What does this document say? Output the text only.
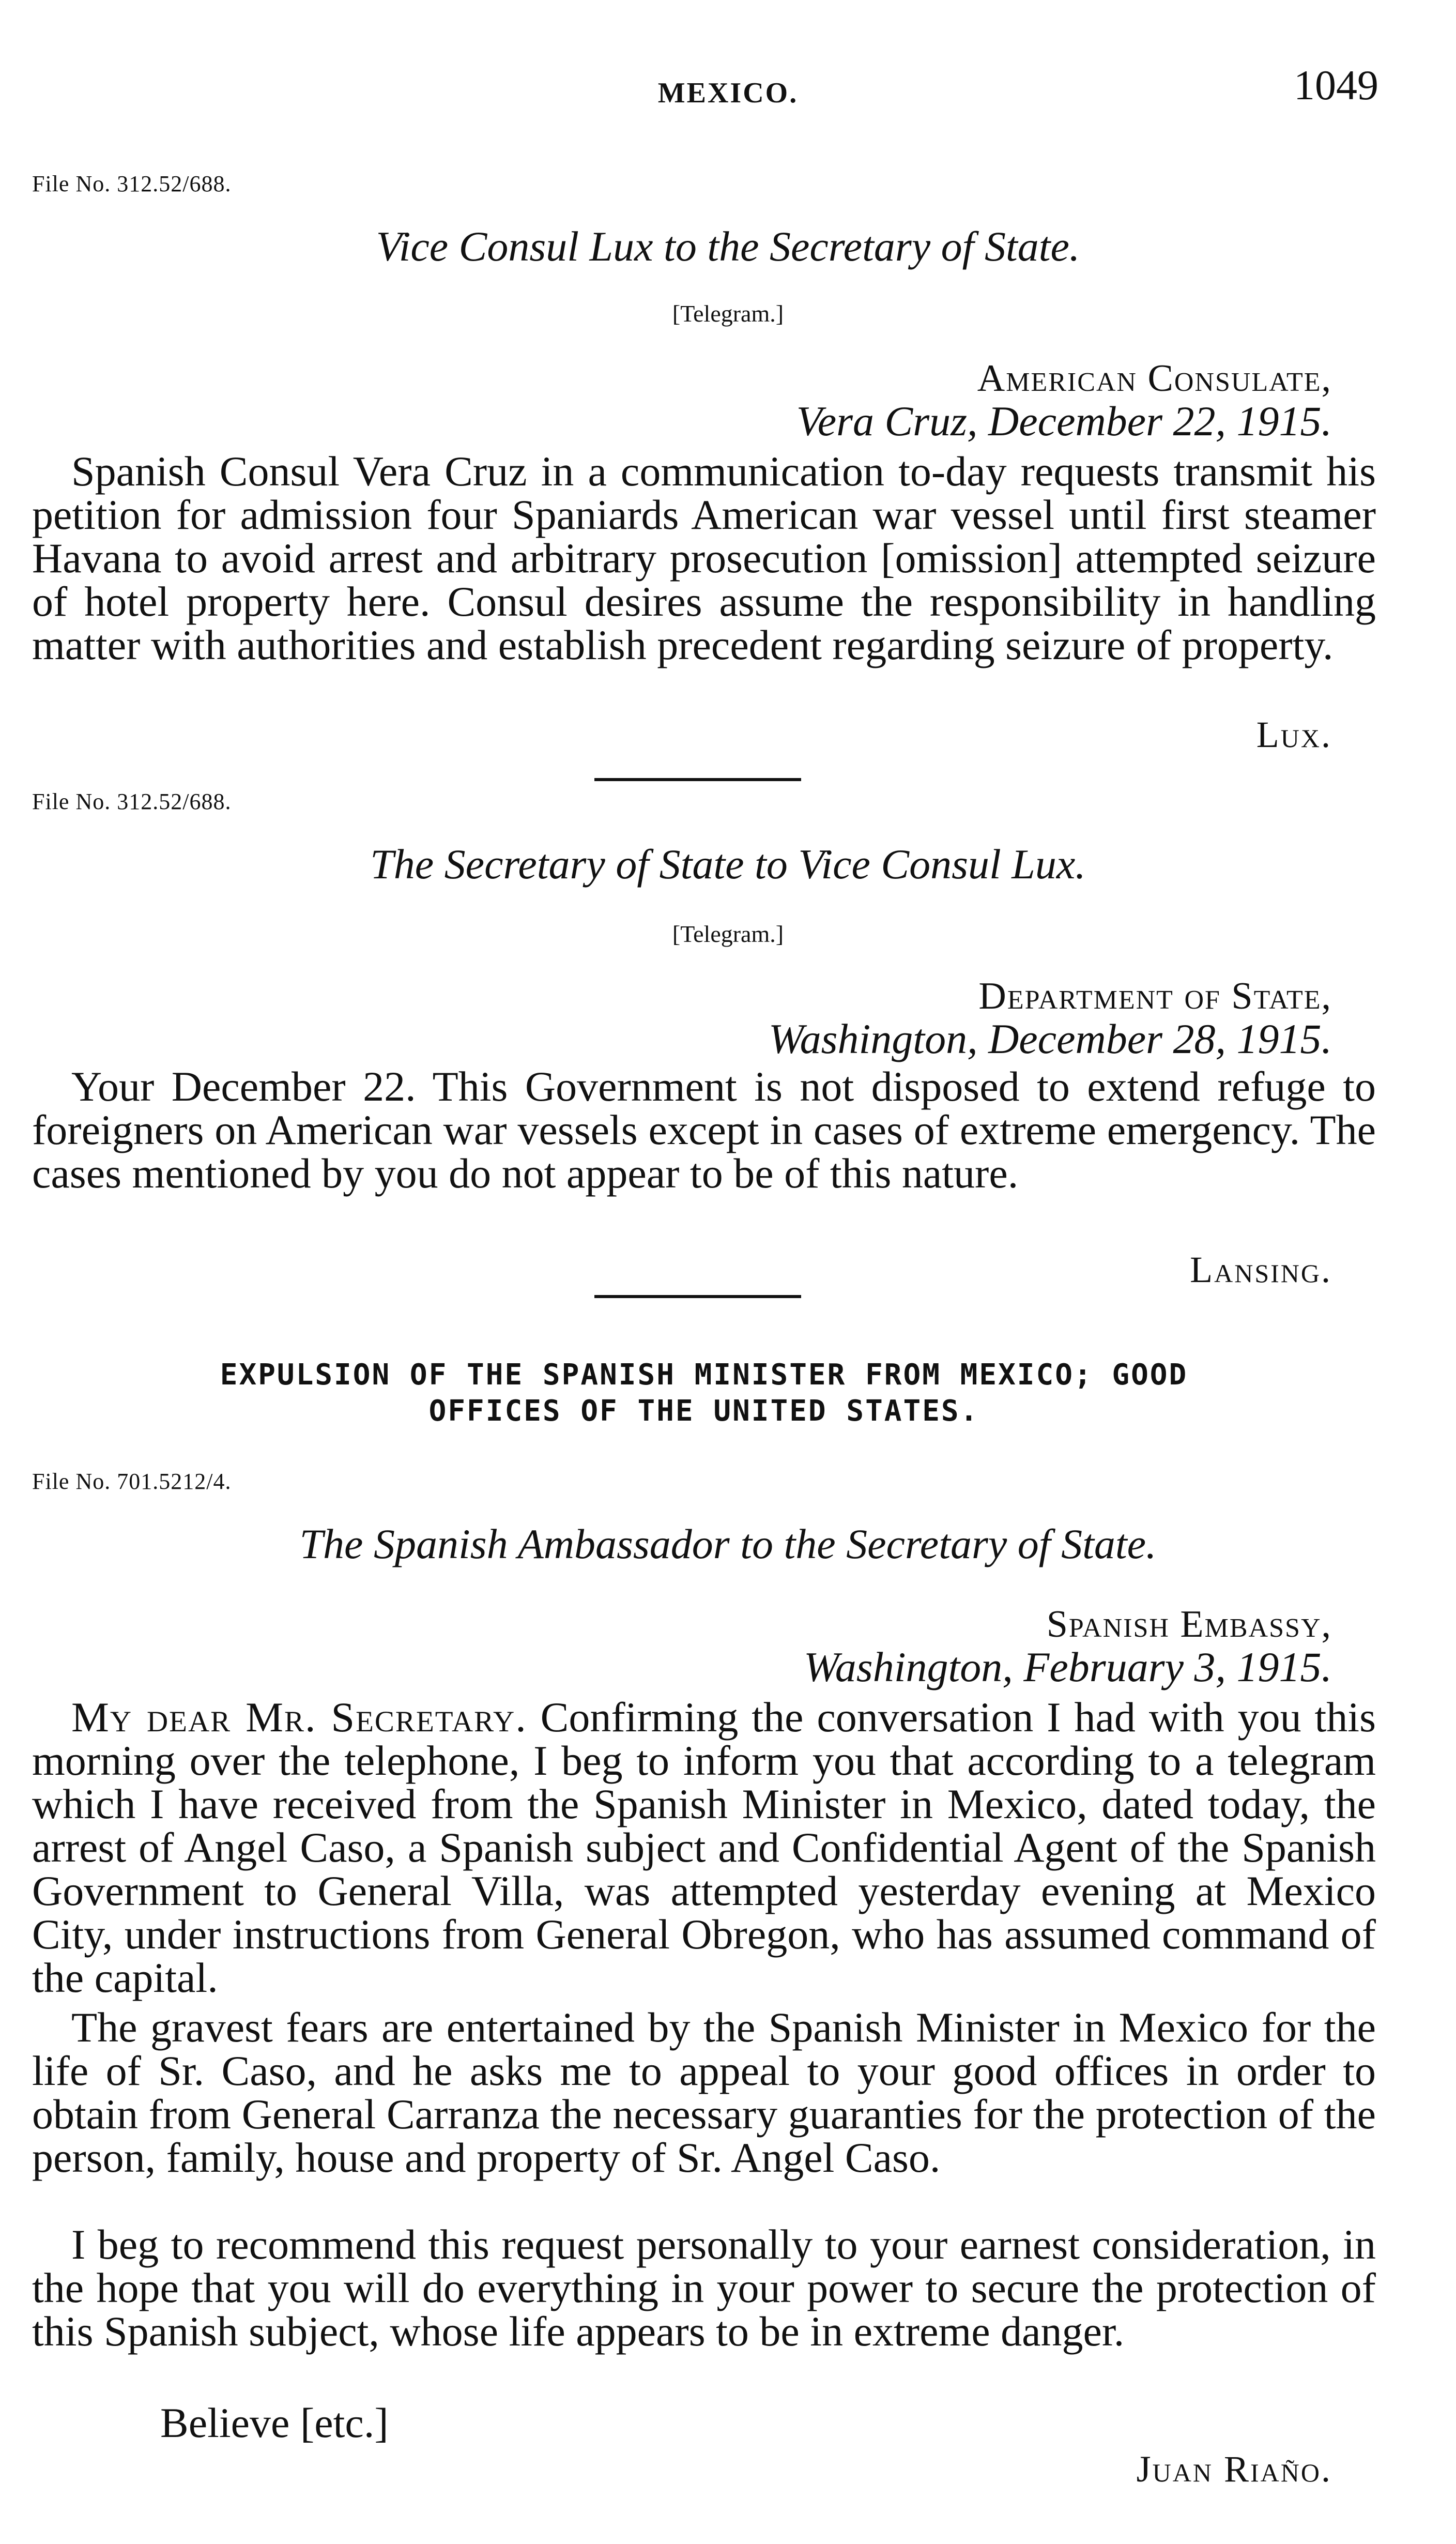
MEXICO.	1049
File No. 312.52/688.
Vice Consul Lux to the Secretary of State.
[Telegram.]
American Consulate,
Vera Cruz, December 22, 1915.

Spanish Consul Vera Cruz in a communication to-day requests transmit his petition for admission four Spaniards American war vessel until first steamer Havana to avoid arrest and arbitrary prosecution [omission] attempted seizure of hotel property here. Consul desires assume the responsibility in handling matter with authorities and establish precedent regarding seizure of property.

Lux.
File No. 312.52/688.
The Secretary of State to Vice Consul Lux.
[Telegram.]
Department of State,
Washington, December 28, 1915.

Your December 22. This Government is not disposed to extend refuge to foreigners on American war vessels except in cases of extreme emergency. The cases mentioned by you do not appear to be of this nature.

Lansing.
EXPULSION OF THE SPANISH MINISTER FROM MEXICO; GOOD
OFFICES OF THE UNITED STATES.
File No. 701.5212/4.
The Spanish Ambassador to the Secretary of State.
Spanish Embassy,
Washington, February 3, 1915.

My dear Mr. Secretary. Confirming the conversation I had with you this morning over the telephone, I beg to inform you that according to a telegram which I have received from the Spanish Minister in Mexico, dated today, the arrest of Angel Caso, a Spanish subject and Confidential Agent of the Spanish Government to General Villa, was attempted yesterday evening at Mexico City, under instructions from General Obregon, who has assumed command of the capital.

The gravest fears are entertained by the Spanish Minister in Mexico for the life of Sr. Caso, and he asks me to appeal to your good offices in order to obtain from General Carranza the necessary guaranties for the protection of the person, family, house and property of Sr. Angel Caso.

I beg to recommend this request personally to your earnest consideration, in the hope that you will do everything in your power to secure the protection of this Spanish subject, whose life appears to be in extreme danger.

Believe [etc.]
Juan Riaño.
